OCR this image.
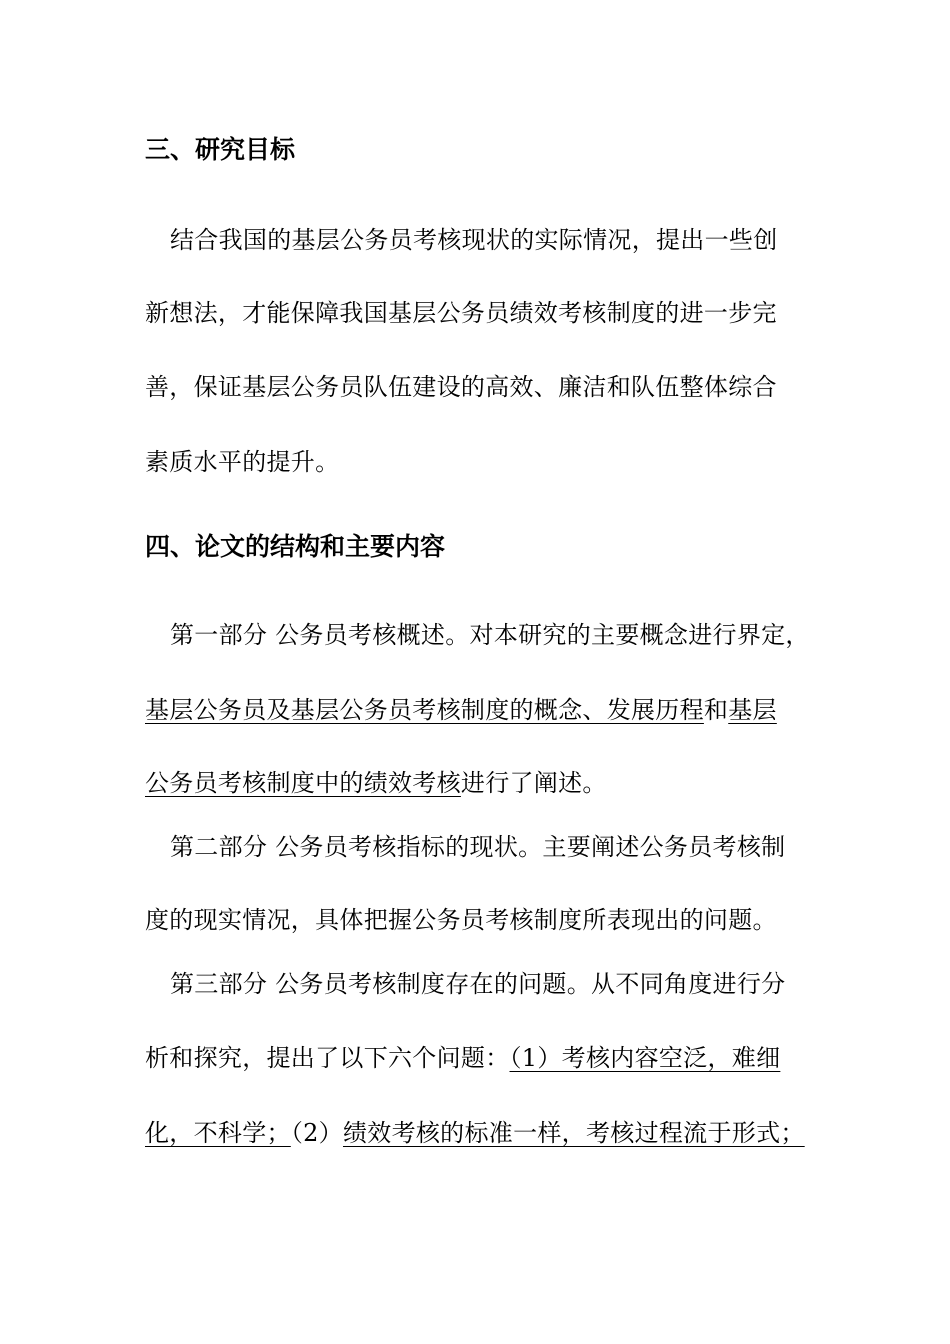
三、研究目标
结合我国的基层公务员考核现状的实际情况，提出一些创
新想法，才能保障我国基层公务员绩效考核制度的进一步完
善，保证基层公务员队伍建设的高效、廉洁和队伍整体综合
素质水平的提升。
四、论文的结构和主要内容
第一部分 公务员考核概述。对本研究的主要概念进行界定，
基层公务员及基层公务员考核制度的概念、发展历程和基层
公务员考核制度中的绩效考核进行了阐述。
第二部分 公务员考核指标的现状。主要阐述公务员考核制
度的现实情况，具体把握公务员考核制度所表现出的问题。
第三部分 公务员考核制度存在的问题。从不同角度进行分
析和探究，提出了以下六个问题：（1）考核内容空泛，难细
化，不科学；（2）绩效考核的标准一样，考核过程流于形式；
